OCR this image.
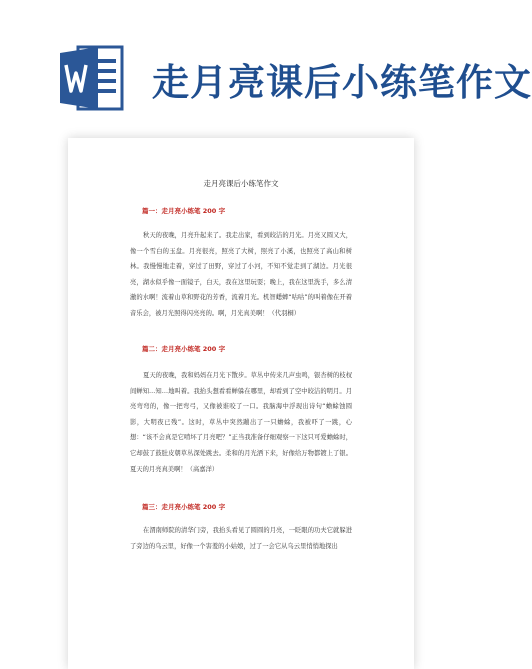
走月亮课后小练笔作文
走月亮课后小练笔作文
篇一：走月亮小练笔 200 字
秋天的夜晚，月亮升起来了。我走出家，看到皎洁的月光。月亮又圆又大，像一个雪白的玉盘。月亮很亮，照亮了大树，照亮了小溪，也照亮了高山和树林。我慢慢地走着，穿过了田野，穿过了小河，不知不觉走到了湖边。月光很亮，湖水似乎像一面镜子，白天，我在这里玩耍；晚上，我在这里洗手，多么清澈的水啊！流着山草和野花的芳香，流着月光。机智蟋蟀“咕咕”的叫着像在开着音乐会，被月光照得闪亮亮的。啊，月光真美啊！（代羽桐）
篇二：走月亮小练笔 200 字
夏天的夜晚，我和妈妈在月光下散步。草丛中传来几声虫鸣，银杏树的枝杈间蝉知…知…地叫着。我抬头想看看蝉躲在哪里，却看到了空中皎洁的明月。月亮弯弯的，像一把弯弓，又像被谁咬了一口。我脑海中浮现出诗句“蟾蜍蚀圆影，大明夜已残”。这时，草丛中突然蹦出了一只蟾蜍，我被吓了一跳，心想：“该不会真是它啃坏了月亮吧？”正当我准备仔细观察一下这只可爱蟾蜍时，它却鼓了鼓肚皮朝草丛深处跳去。柔和的月光洒下来，好像给万物都镀上了银。夏天的月亮真美啊！（高嘉洋）
篇三：走月亮小练笔 200 字
在渭南师院的清华门旁，我抬头看见了圆圆的月亮，一眨眼的功夫它就躲进了旁边的乌云里，好像一个害羞的小姑娘，过了一会它从乌云里悄悄地探出
